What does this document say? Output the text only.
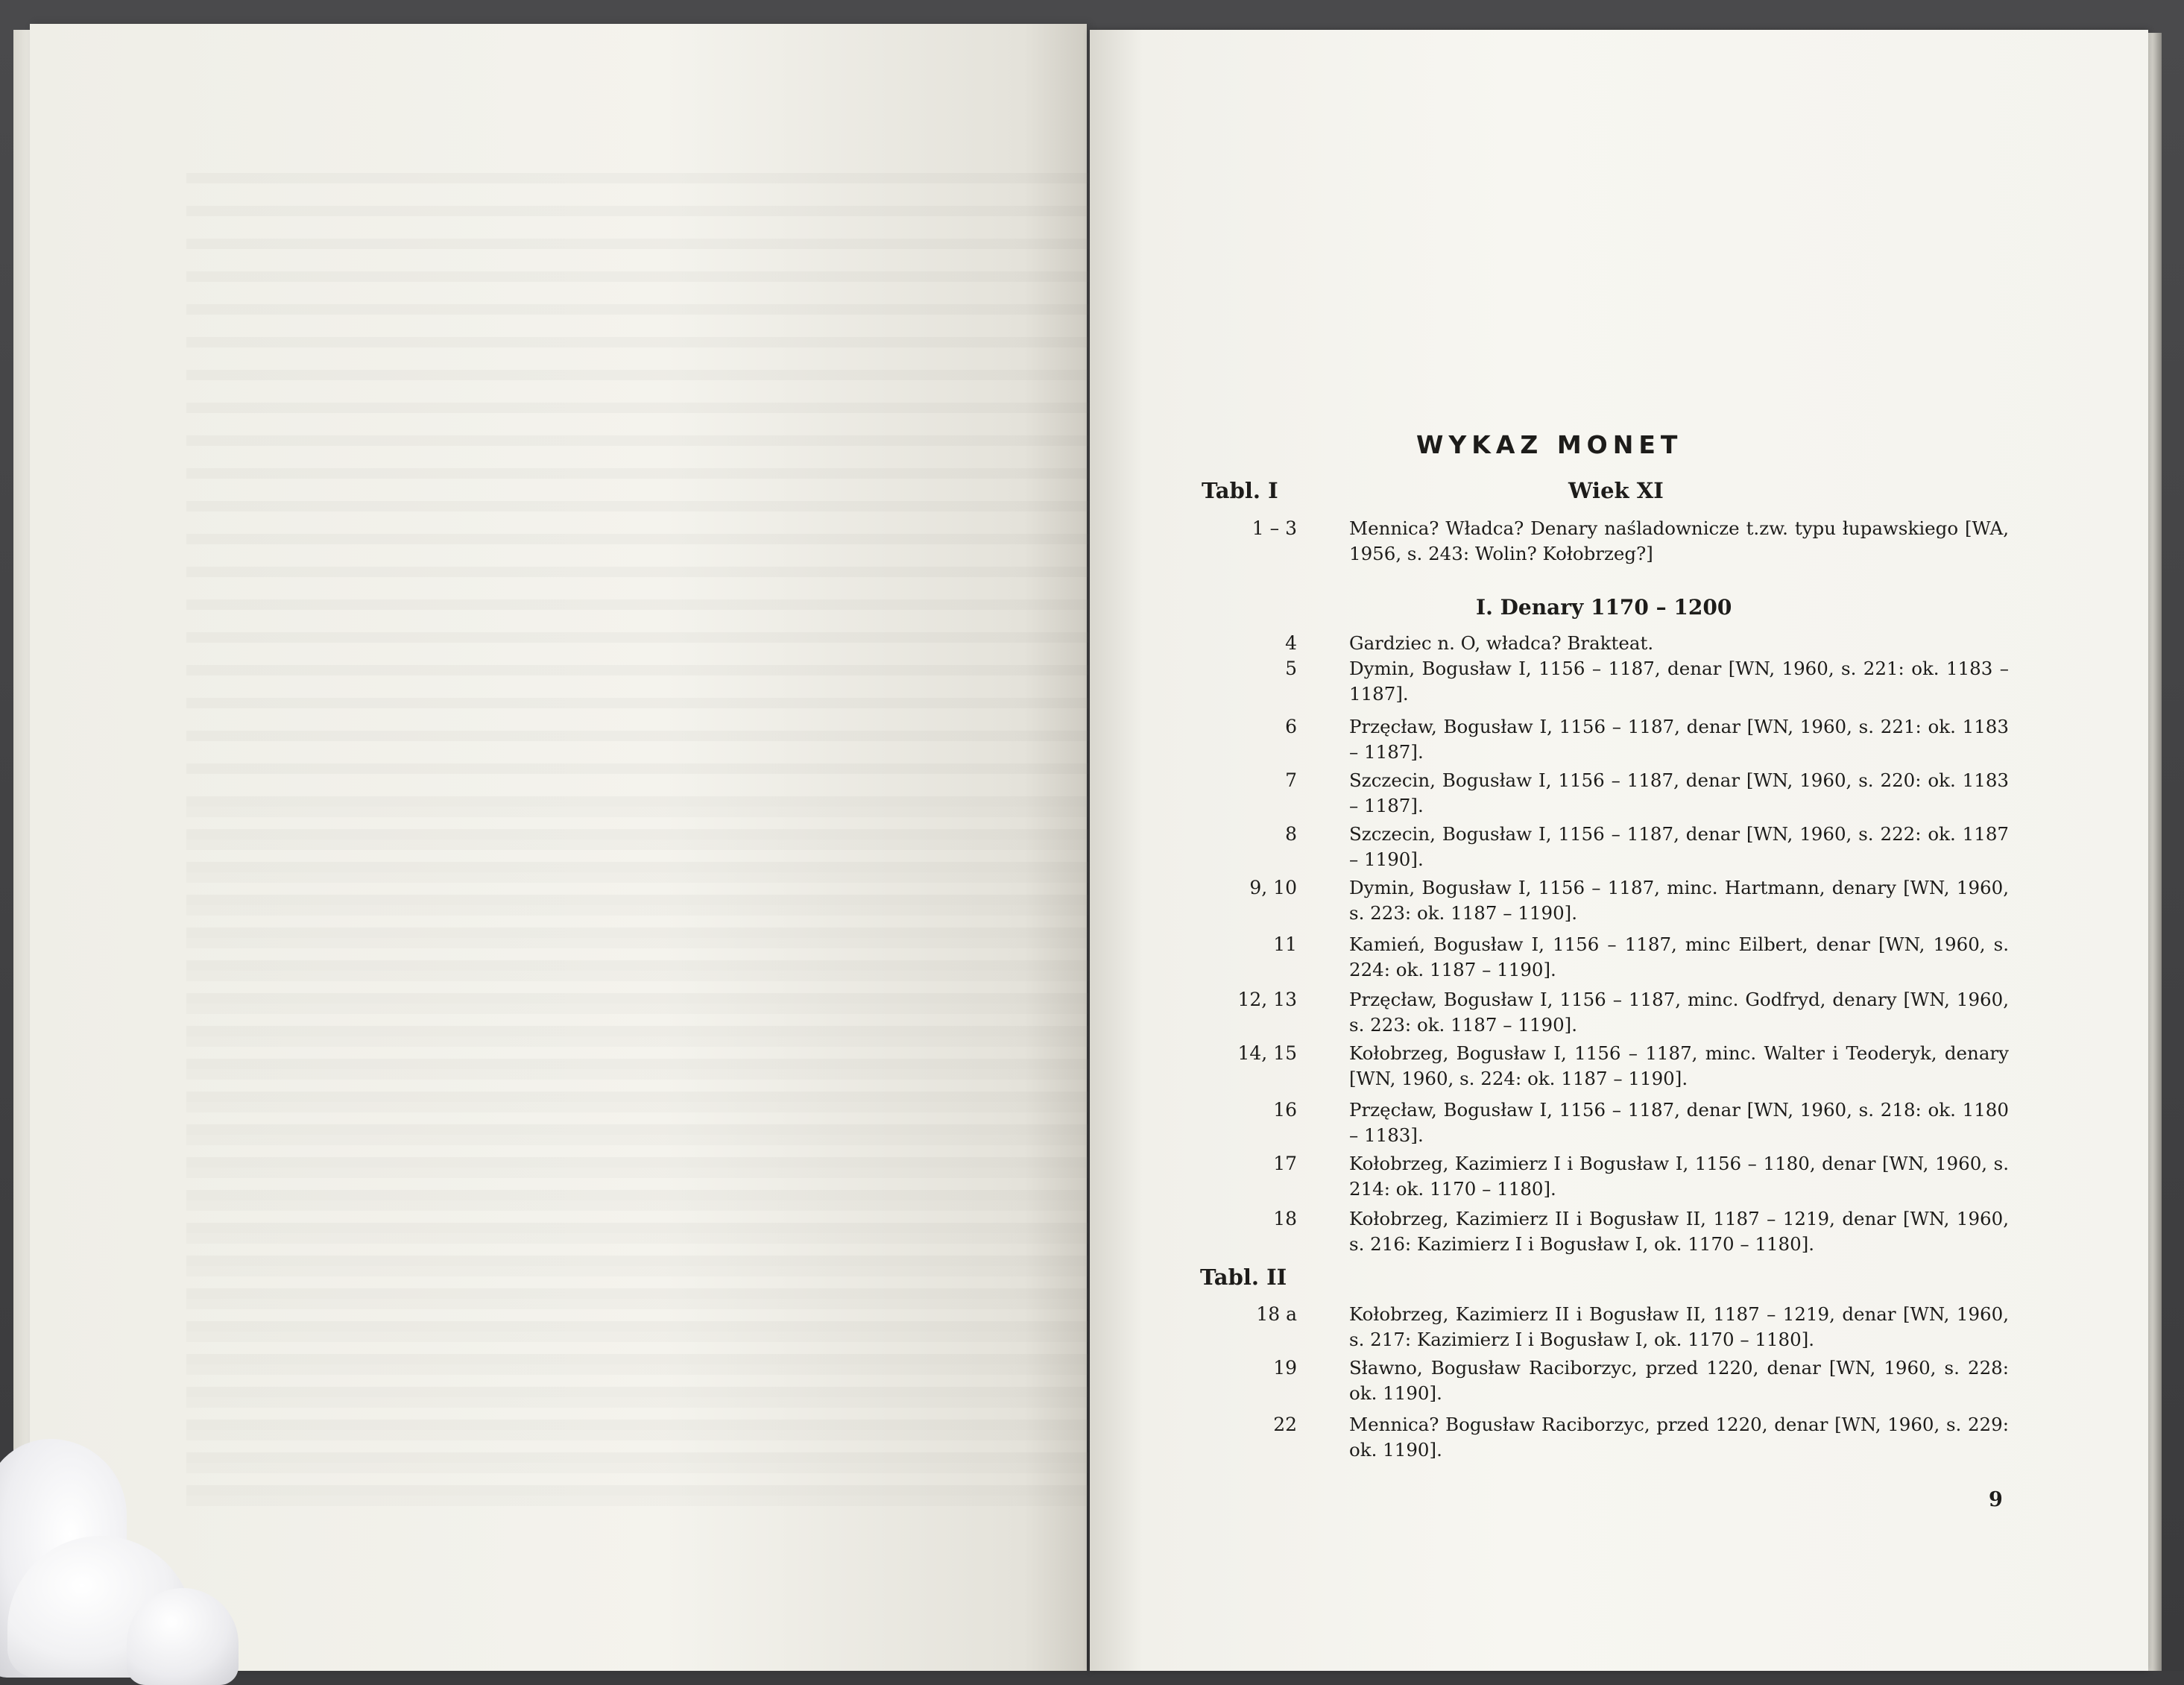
WYKAZ MONET
Tabl. I	Wiek XI
1 – 3	Mennica? Władca? Denary naśladownicze t.zw. typu łupawskiego [WA, 1956, s. 243: Wolin? Kołobrzeg?]

I. Denary 1170 – 1200
4	Gardziec n. O, władca? Brakteat.

5	Dymin, Bogusław I, 1156 – 1187, denar [WN, 1960, s. 221: ok. 1183 – 1187].

6	Przęcław, Bogusław I, 1156 – 1187, denar [WN, 1960, s. 221: ok. 1183 – 1187].

7	Szczecin, Bogusław I, 1156 – 1187, denar [WN, 1960, s. 220: ok. 1183 – 1187].

8	Szczecin, Bogusław I, 1156 – 1187, denar [WN, 1960, s. 222: ok. 1187 – 1190].

9, 10	Dymin, Bogusław I, 1156 – 1187, minc. Hartmann, denary [WN, 1960, s. 223: ok. 1187 – 1190].

11	Kamień, Bogusław I, 1156 – 1187, minc Eilbert, denar [WN, 1960, s. 224: ok. 1187 – 1190].

12, 13	Przęcław, Bogusław I, 1156 – 1187, minc. Godfryd, denary [WN, 1960, s. 223: ok. 1187 – 1190].

14, 15	Kołobrzeg, Bogusław I, 1156 – 1187, minc. Walter i Teoderyk, denary [WN, 1960, s. 224: ok. 1187 – 1190].

16	Przęcław, Bogusław I, 1156 – 1187, denar [WN, 1960, s. 218: ok. 1180 – 1183].

17	Kołobrzeg, Kazimierz I i Bogusław I, 1156 – 1180, denar [WN, 1960, s. 214: ok. 1170 – 1180].

18	Kołobrzeg, Kazimierz II i Bogusław II, 1187 – 1219, denar [WN, 1960, s. 216: Kazimierz I i Bogusław I, ok. 1170 – 1180].

Tabl. II
18 a	Kołobrzeg, Kazimierz II i Bogusław II, 1187 – 1219, denar [WN, 1960, s. 217: Kazimierz I i Bogusław I, ok. 1170 – 1180].

19	Sławno, Bogusław Raciborzyc, przed 1220, denar [WN, 1960, s. 228: ok. 1190].

22	Mennica? Bogusław Raciborzyc, przed 1220, denar [WN, 1960, s. 229: ok. 1190].

9
